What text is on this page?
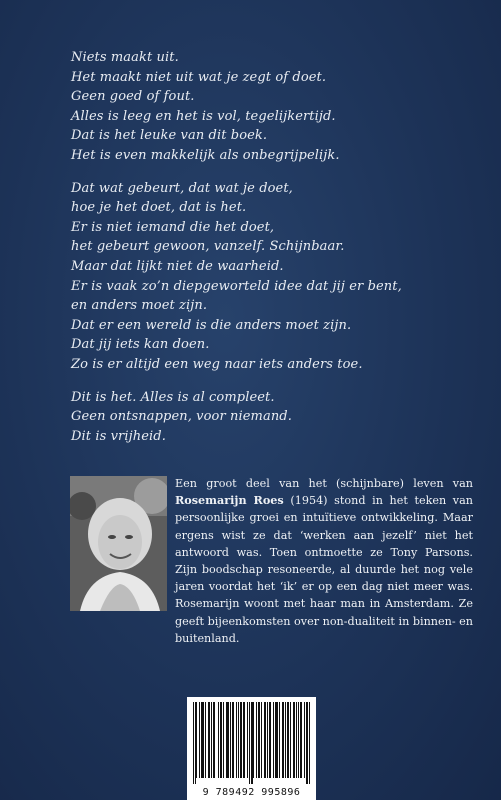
Niets maakt uit.

Het maakt niet uit wat je zegt of doet.

Geen goed of fout.

Alles is leeg en het is vol, tegelijkertijd.

Dat is het leuke van dit boek.

Het is even makkelijk als onbegrijpelijk.

Dat wat gebeurt, dat wat je doet,

hoe je het doet, dat is het.

Er is niet iemand die het doet,

het gebeurt gewoon, vanzelf. Schijnbaar.

Maar dat lijkt niet de waarheid.

Er is vaak zo’n diepgeworteld idee dat jij er bent,

en anders moet zijn.

Dat er een wereld is die anders moet zijn.

Dat jij iets kan doen.

Zo is er altijd een weg naar iets anders toe.

Dit is het. Alles is al compleet.

Geen ontsnappen, voor niemand.

Dit is vrijheid.

Een groot deel van het (schijnbare) leven van Rosemarijn Roes (1954) stond in het teken van persoonlijke groei en intuïtieve ontwikkeling. Maar ergens wist ze dat ‘werken aan jezelf’ niet het antwoord was. Toen ontmoette ze Tony Parsons. Zijn boodschap resoneerde, al duurde het nog vele jaren voordat het ‘ik’ er op een dag niet meer was. Rosemarijn woont met haar man in Amsterdam. Ze geeft bijeenkomsten over non-dualiteit in binnen- en buitenland.
9 789492 995896
